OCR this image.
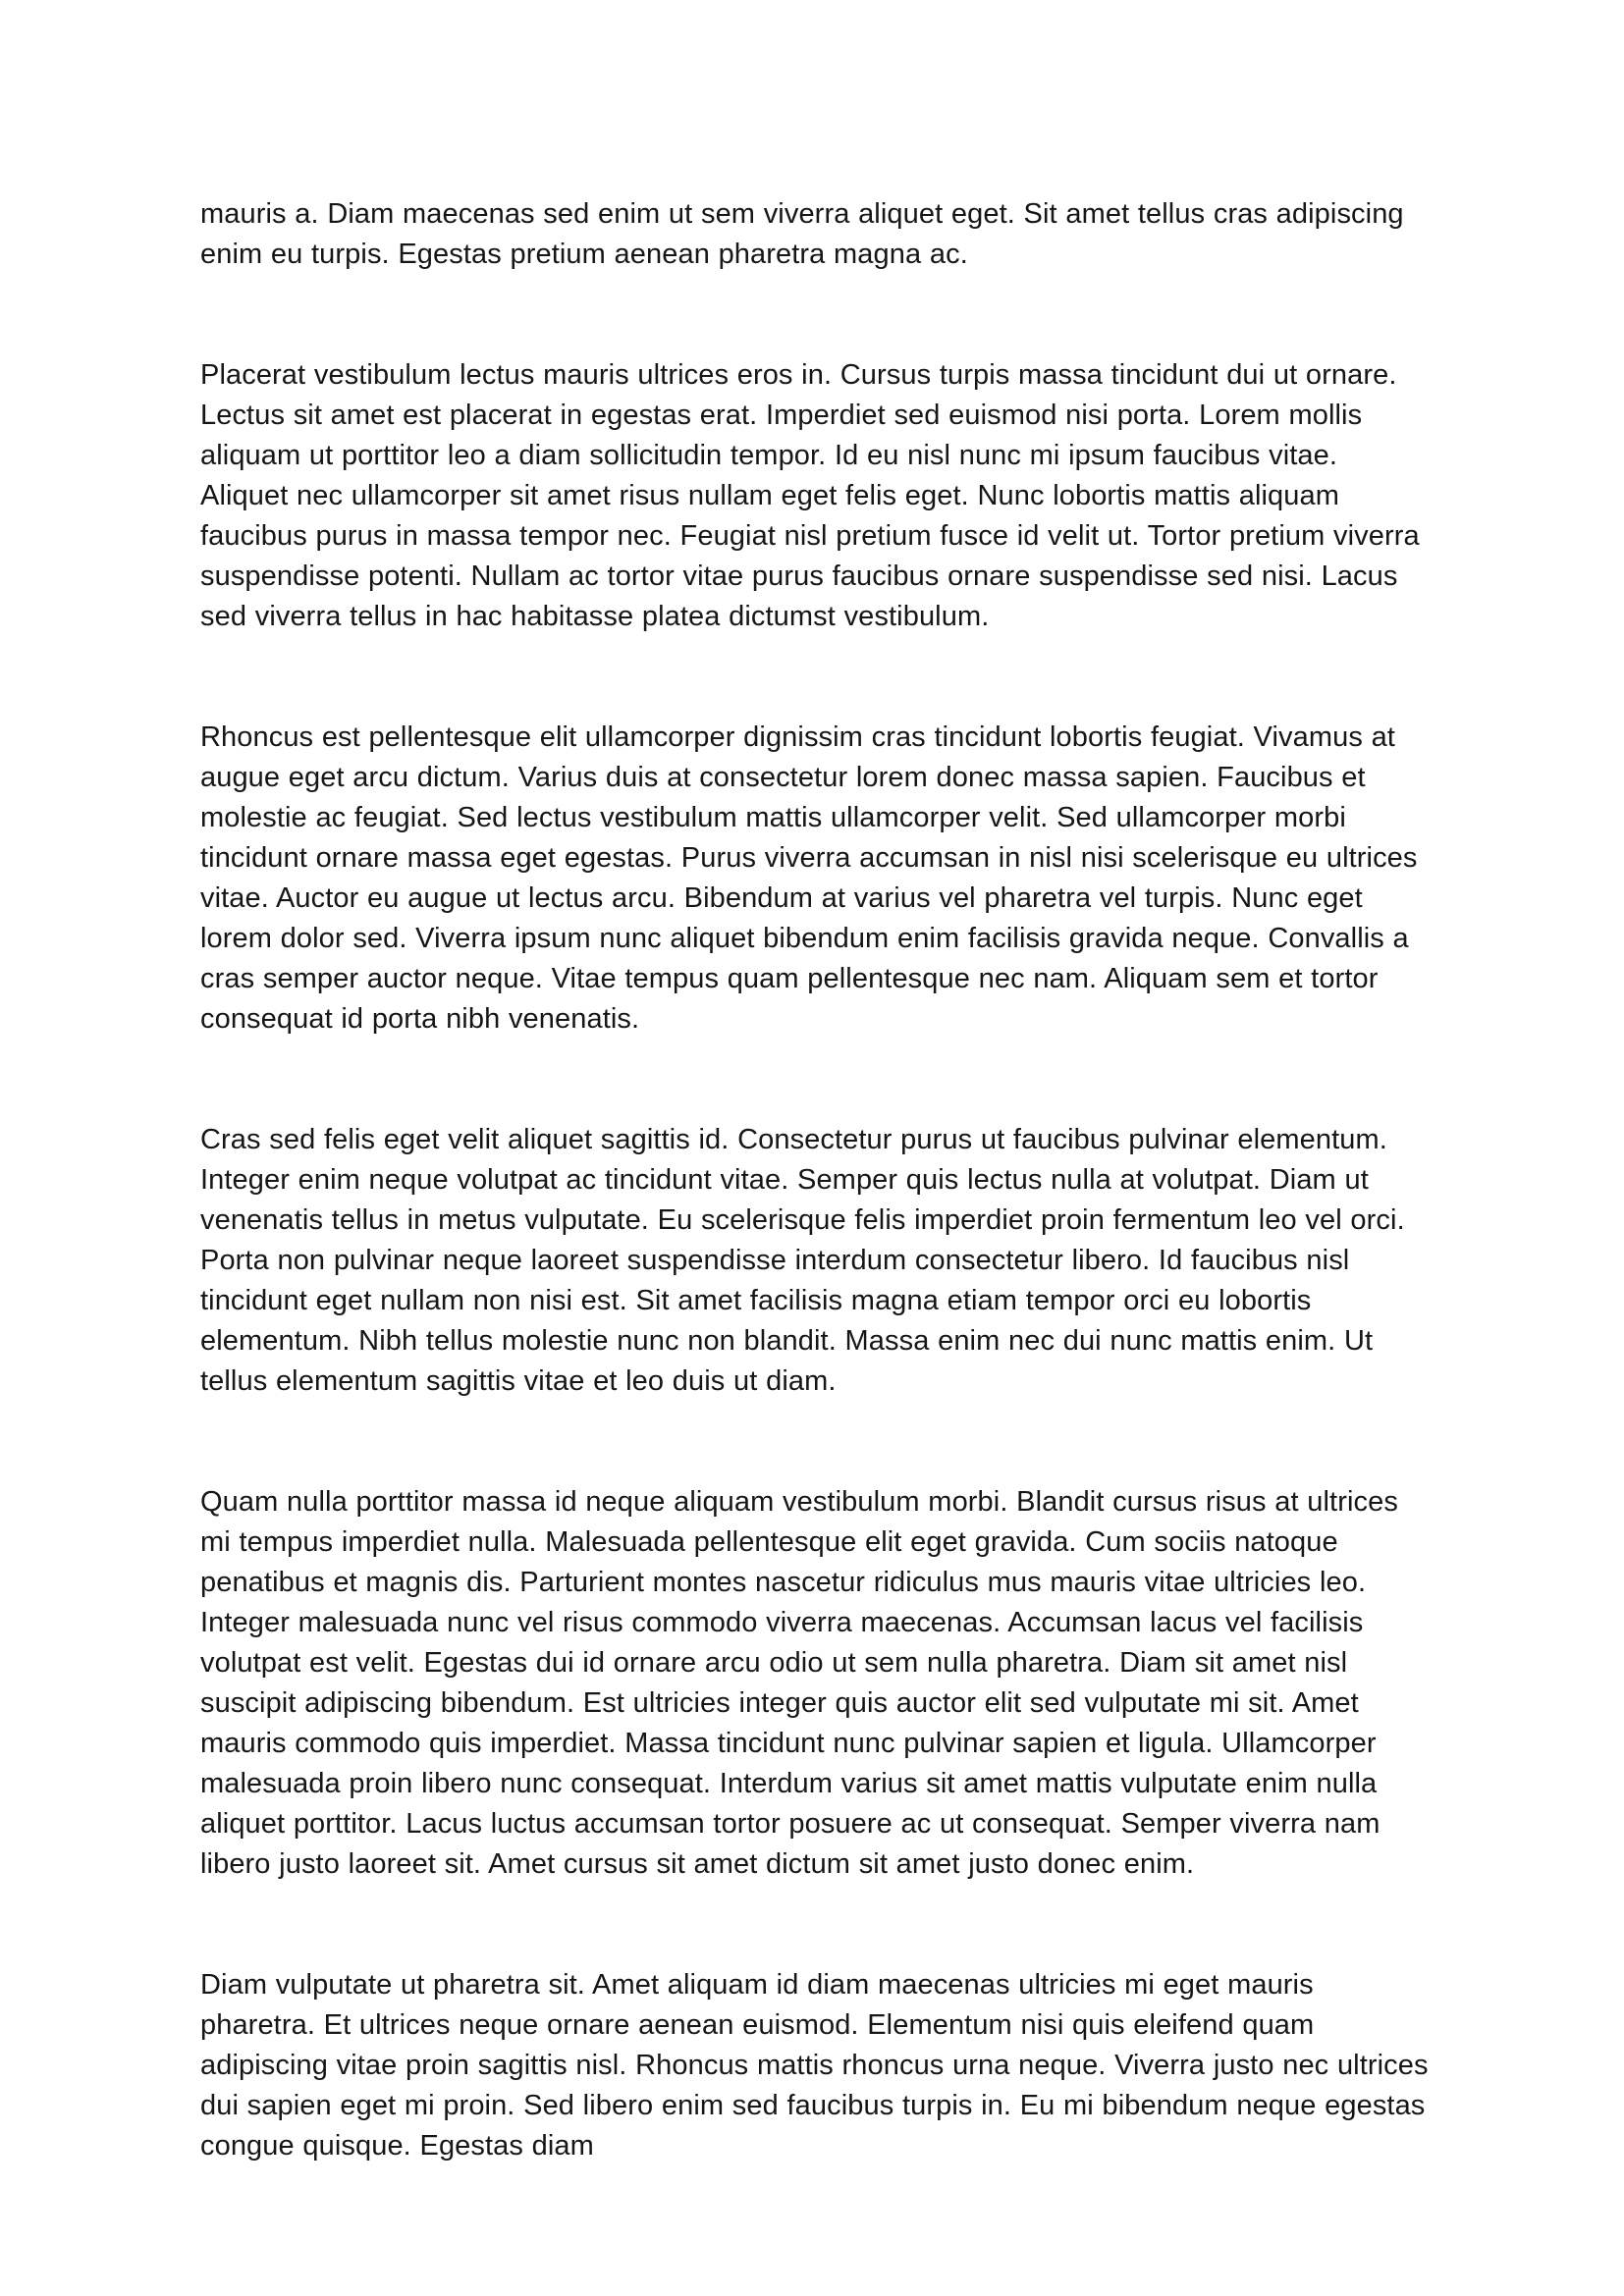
mauris a. Diam maecenas sed enim ut sem viverra aliquet eget. Sit amet tellus cras adipiscing enim eu turpis. Egestas pretium aenean pharetra magna ac.

Placerat vestibulum lectus mauris ultrices eros in. Cursus turpis massa tincidunt dui ut ornare. Lectus sit amet est placerat in egestas erat. Imperdiet sed euismod nisi porta. Lorem mollis aliquam ut porttitor leo a diam sollicitudin tempor. Id eu nisl nunc mi ipsum faucibus vitae. Aliquet nec ullamcorper sit amet risus nullam eget felis eget. Nunc lobortis mattis aliquam faucibus purus in massa tempor nec. Feugiat nisl pretium fusce id velit ut. Tortor pretium viverra suspendisse potenti. Nullam ac tortor vitae purus faucibus ornare suspendisse sed nisi. Lacus sed viverra tellus in hac habitasse platea dictumst vestibulum.

Rhoncus est pellentesque elit ullamcorper dignissim cras tincidunt lobortis feugiat. Vivamus at augue eget arcu dictum. Varius duis at consectetur lorem donec massa sapien. Faucibus et molestie ac feugiat. Sed lectus vestibulum mattis ullamcorper velit. Sed ullamcorper morbi tincidunt ornare massa eget egestas. Purus viverra accumsan in nisl nisi scelerisque eu ultrices vitae. Auctor eu augue ut lectus arcu. Bibendum at varius vel pharetra vel turpis. Nunc eget lorem dolor sed. Viverra ipsum nunc aliquet bibendum enim facilisis gravida neque. Convallis a cras semper auctor neque. Vitae tempus quam pellentesque nec nam. Aliquam sem et tortor consequat id porta nibh venenatis.

Cras sed felis eget velit aliquet sagittis id. Consectetur purus ut faucibus pulvinar elementum. Integer enim neque volutpat ac tincidunt vitae. Semper quis lectus nulla at volutpat. Diam ut venenatis tellus in metus vulputate. Eu scelerisque felis imperdiet proin fermentum leo vel orci. Porta non pulvinar neque laoreet suspendisse interdum consectetur libero. Id faucibus nisl tincidunt eget nullam non nisi est. Sit amet facilisis magna etiam tempor orci eu lobortis elementum. Nibh tellus molestie nunc non blandit. Massa enim nec dui nunc mattis enim. Ut tellus elementum sagittis vitae et leo duis ut diam.

Quam nulla porttitor massa id neque aliquam vestibulum morbi. Blandit cursus risus at ultrices mi tempus imperdiet nulla. Malesuada pellentesque elit eget gravida. Cum sociis natoque penatibus et magnis dis. Parturient montes nascetur ridiculus mus mauris vitae ultricies leo. Integer malesuada nunc vel risus commodo viverra maecenas. Accumsan lacus vel facilisis volutpat est velit. Egestas dui id ornare arcu odio ut sem nulla pharetra. Diam sit amet nisl suscipit adipiscing bibendum. Est ultricies integer quis auctor elit sed vulputate mi sit. Amet mauris commodo quis imperdiet. Massa tincidunt nunc pulvinar sapien et ligula. Ullamcorper malesuada proin libero nunc consequat. Interdum varius sit amet mattis vulputate enim nulla aliquet porttitor. Lacus luctus accumsan tortor posuere ac ut consequat. Semper viverra nam libero justo laoreet sit. Amet cursus sit amet dictum sit amet justo donec enim.

Diam vulputate ut pharetra sit. Amet aliquam id diam maecenas ultricies mi eget mauris pharetra. Et ultrices neque ornare aenean euismod. Elementum nisi quis eleifend quam adipiscing vitae proin sagittis nisl. Rhoncus mattis rhoncus urna neque. Viverra justo nec ultrices dui sapien eget mi proin. Sed libero enim sed faucibus turpis in. Eu mi bibendum neque egestas congue quisque. Egestas diam
